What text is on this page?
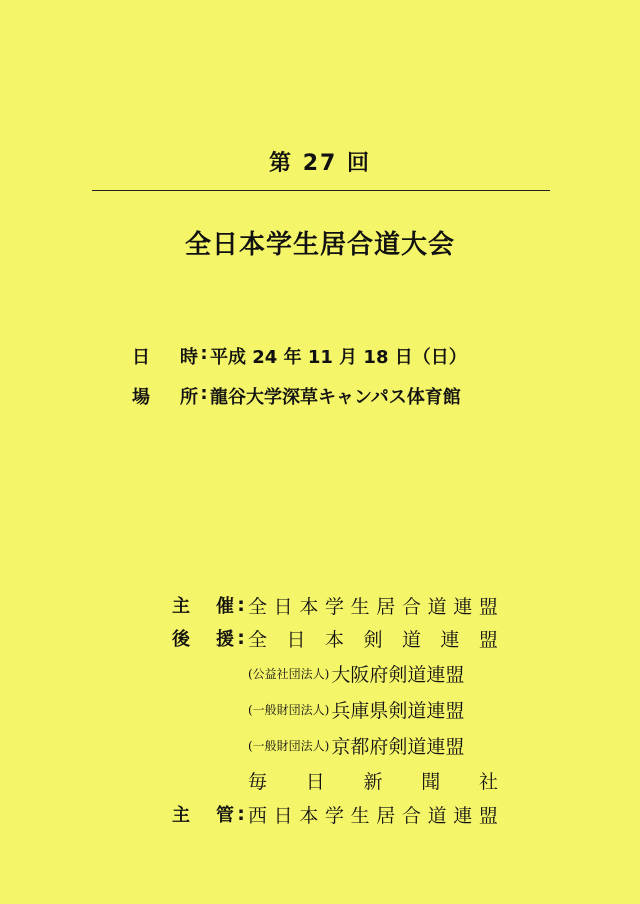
第 27 回
全日本学生居合道大会
日 時 : 平成 24 年 11 月 18 日（日）
場 所 : 龍谷大学深草キャンパス体育館
主 催 : 全 日 本 学 生 居 合 道 連 盟
後 援 : 全 日 本 剣 道 連 盟
(公益社団法人) 大阪府剣道連盟
(一般財団法人) 兵庫県剣道連盟
(一般財団法人) 京都府剣道連盟
毎 日 新 聞 社
主 管 : 西 日 本 学 生 居 合 道 連 盟
